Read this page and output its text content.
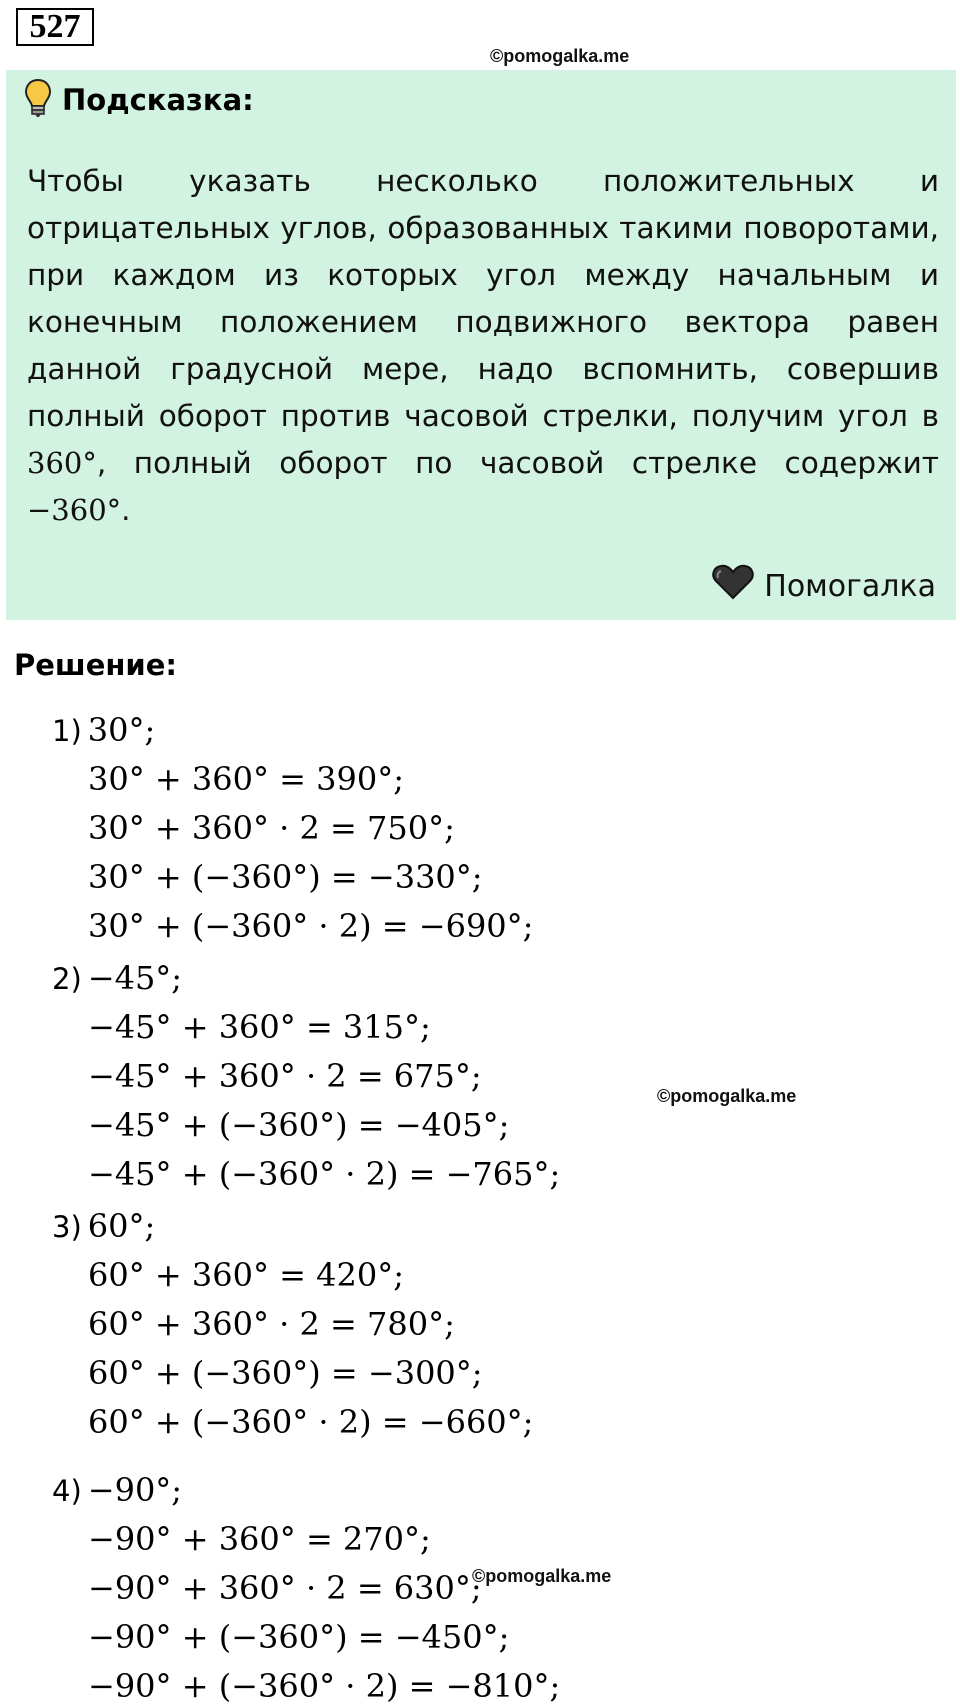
527
©pomogalka.me
Подсказка:
Чтобы указать несколько положительных и отрицательных углов, образованных такими поворотами, при каждом из которых угол между начальным и конечным положением подвижного вектора равен данной градусной мере, надо вспомнить, совершив полный оборот против часовой стрелки, получим угол в 360°, полный оборот по часовой стрелке содержит −360°.
Помогалка
Решение:
©pomogalka.me
©pomogalka.me
1) 30°;
30° + 360° = 390°;
30° + 360° · 2 = 750°;
30° + (−360°) = −330°;
30° + (−360° · 2) = −690°;
2) −45°;
−45° + 360° = 315°;
−45° + 360° · 2 = 675°;
−45° + (−360°) = −405°;
−45° + (−360° · 2) = −765°;
3) 60°;
60° + 360° = 420°;
60° + 360° · 2 = 780°;
60° + (−360°) = −300°;
60° + (−360° · 2) = −660°;
4) −90°;
−90° + 360° = 270°;
−90° + 360° · 2 = 630°;
−90° + (−360°) = −450°;
−90° + (−360° · 2) = −810°;
